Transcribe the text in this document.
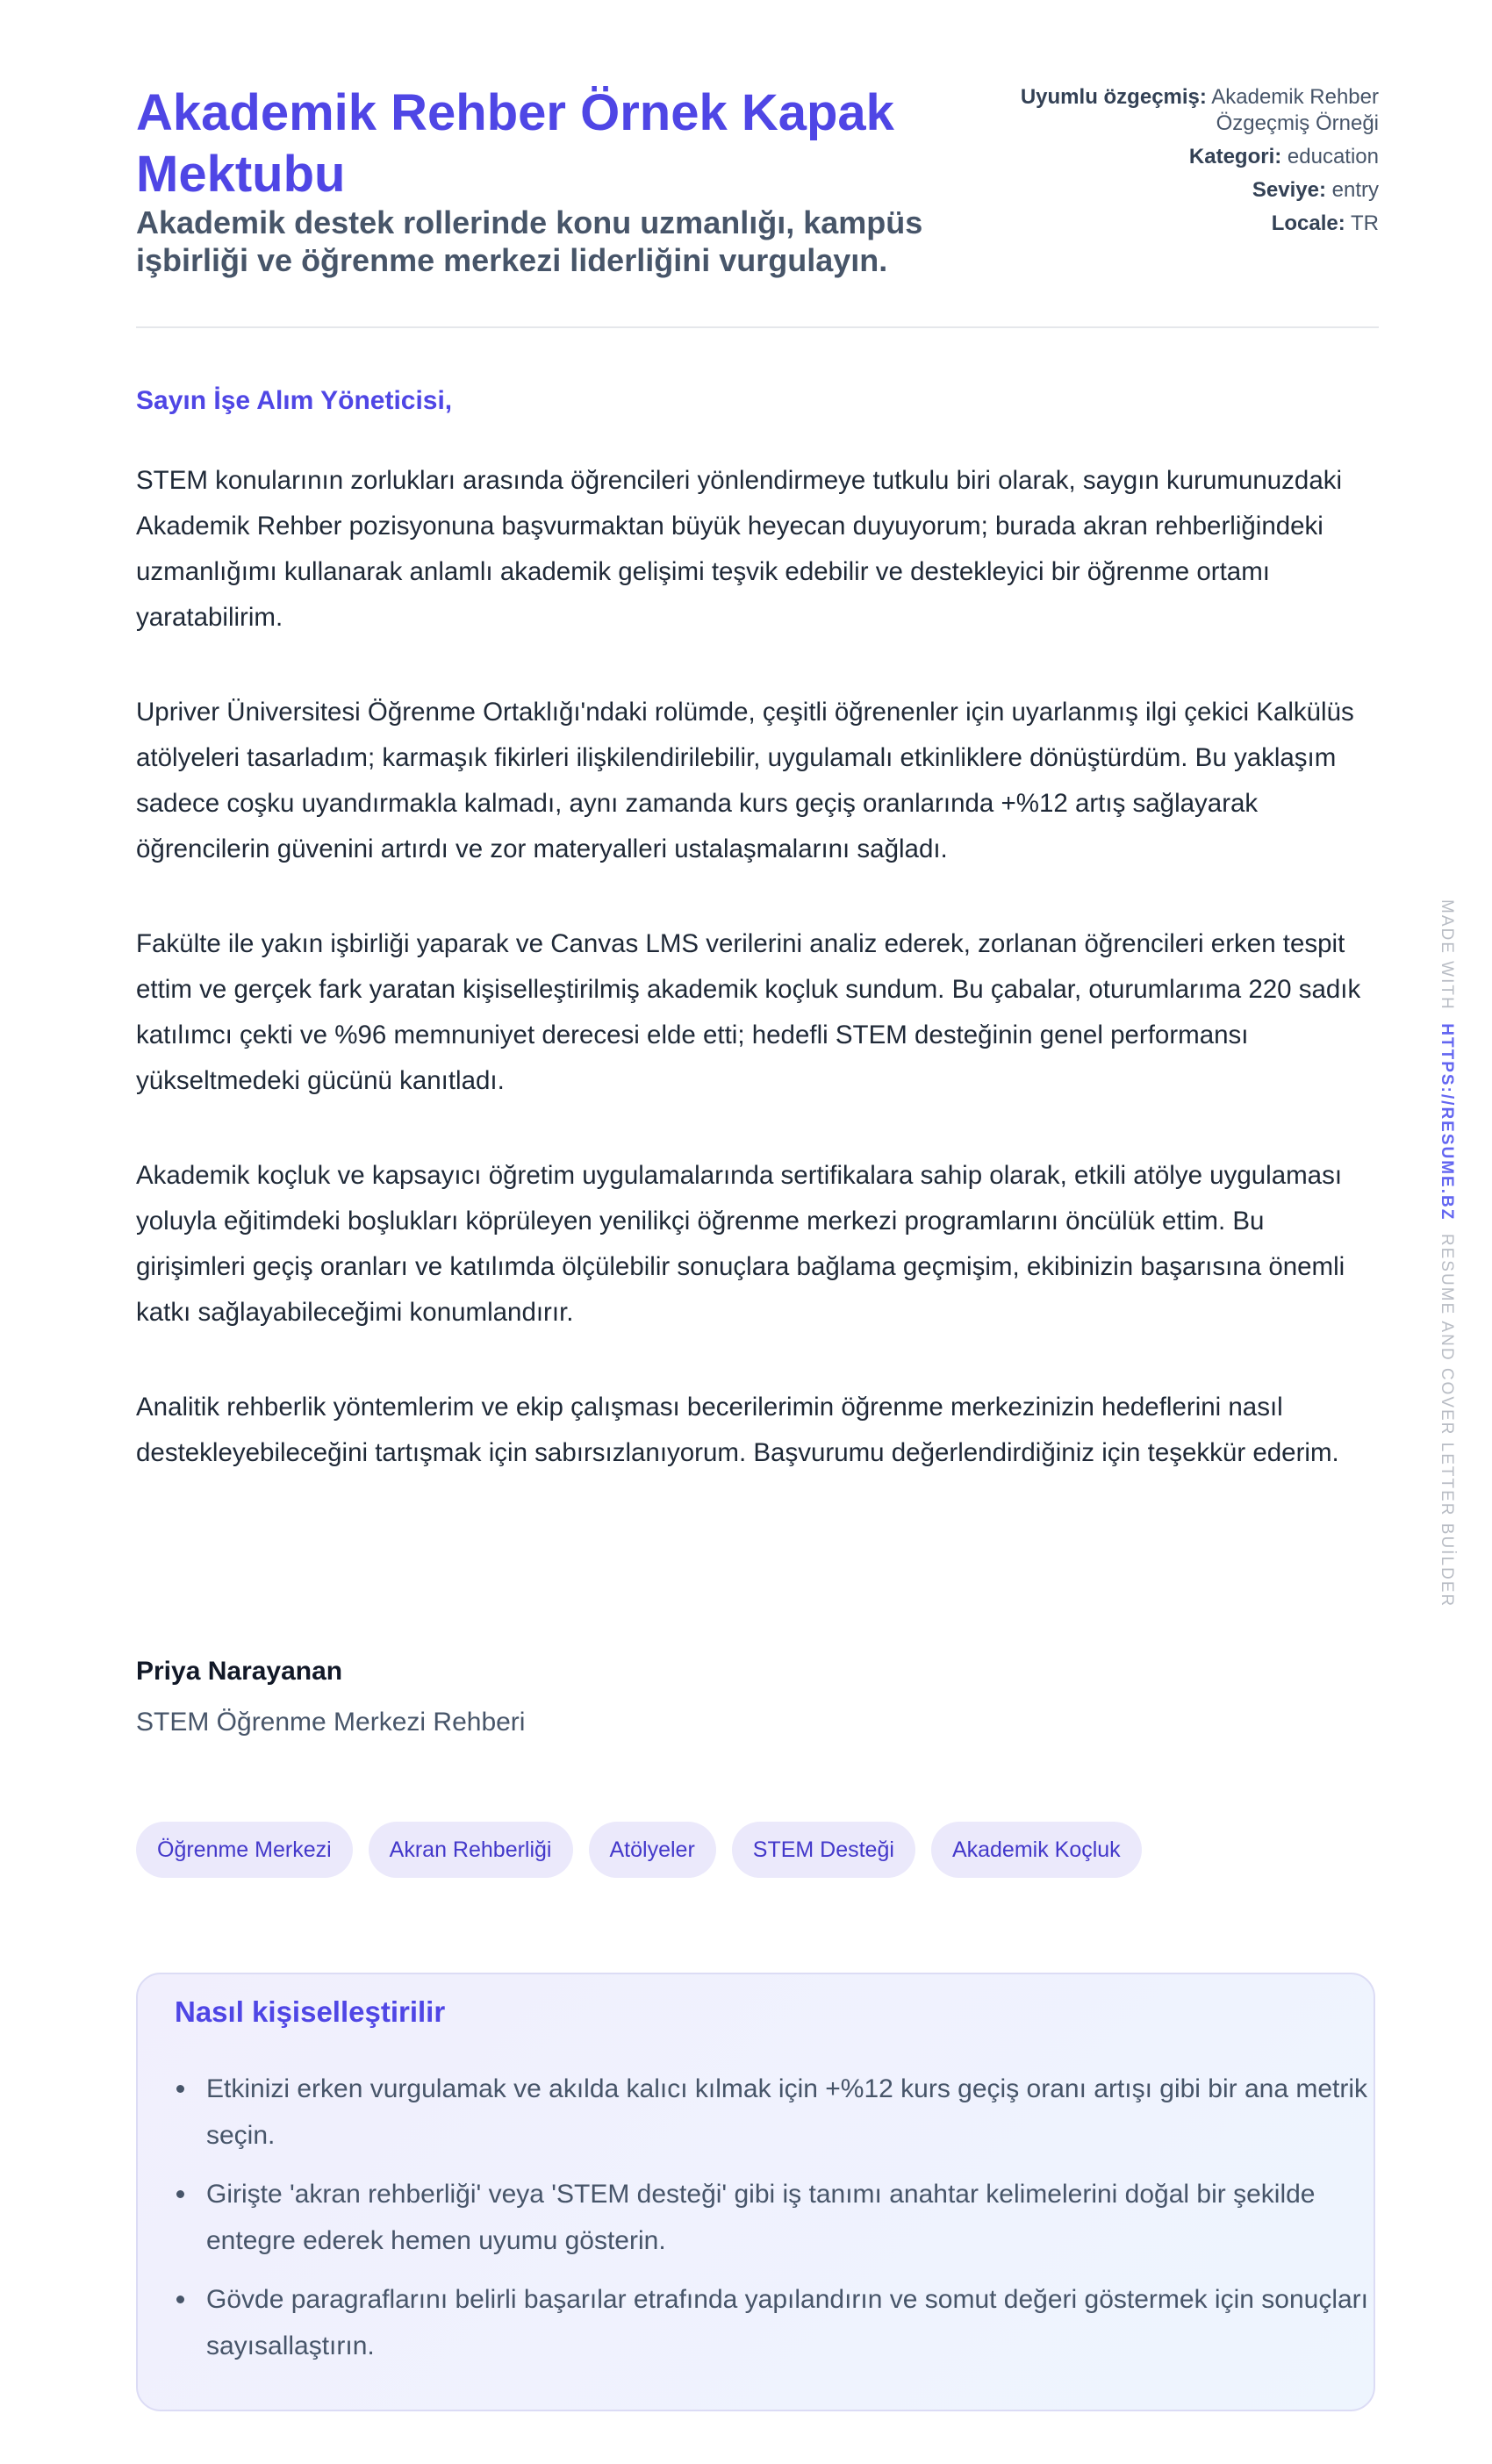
Akademik Rehber Örnek Kapak Mektubu
Akademik destek rollerinde konu uzmanlığı, kampüs işbirliği ve öğrenme merkezi liderliğini vurgulayın.
Uyumlu özgeçmiş: Akademik Rehber Özgeçmiş Örneği
Kategori: education
Seviye: entry
Locale: TR
Sayın İşe Alım Yöneticisi,

STEM konularının zorlukları arasında öğrencileri yönlendirmeye tutkulu biri olarak, saygın kurumunuzdaki Akademik Rehber pozisyonuna başvurmaktan büyük heyecan duyuyorum; burada akran rehberliğindeki uzmanlığımı kullanarak anlamlı akademik gelişimi teşvik edebilir ve destekleyici bir öğrenme ortamı yaratabilirim.

Upriver Üniversitesi Öğrenme Ortaklığı'ndaki rolümde, çeşitli öğrenenler için uyarlanmış ilgi çekici Kalkülüs atölyeleri tasarladım; karmaşık fikirleri ilişkilendirilebilir, uygulamalı etkinliklere dönüştürdüm. Bu yaklaşım sadece coşku uyandırmakla kalmadı, aynı zamanda kurs geçiş oranlarında +%12 artış sağlayarak öğrencilerin güvenini artırdı ve zor materyalleri ustalaşmalarını sağladı.

Fakülte ile yakın işbirliği yaparak ve Canvas LMS verilerini analiz ederek, zorlanan öğrencileri erken tespit ettim ve gerçek fark yaratan kişiselleştirilmiş akademik koçluk sundum. Bu çabalar, oturumlarıma 220 sadık katılımcı çekti ve %96 memnuniyet derecesi elde etti; hedefli STEM desteğinin genel performansı yükseltmedeki gücünü kanıtladı.

Akademik koçluk ve kapsayıcı öğretim uygulamalarında sertifikalara sahip olarak, etkili atölye uygulaması yoluyla eğitimdeki boşlukları köprüleyen yenilikçi öğrenme merkezi programlarını öncülük ettim. Bu girişimleri geçiş oranları ve katılımda ölçülebilir sonuçlara bağlama geçmişim, ekibinizin başarısına önemli katkı sağlayabileceğimi konumlandırır.

Analitik rehberlik yöntemlerim ve ekip çalışması becerilerimin öğrenme merkezinizin hedeflerini nasıl destekleyebileceğini tartışmak için sabırsızlanıyorum. Başvurumu değerlendirdiğiniz için teşekkür ederim.

Priya Narayanan
STEM Öğrenme Merkezi Rehberi
Öğrenme Merkezi	Akran Rehberliği	Atölyeler	STEM Desteği	Akademik Koçluk
Nasıl kişiselleştirilir
Etkinizi erken vurgulamak ve akılda kalıcı kılmak için +%12 kurs geçiş oranı artışı gibi bir ana metrik seçin.
Girişte 'akran rehberliği' veya 'STEM desteği' gibi iş tanımı anahtar kelimelerini doğal bir şekilde entegre ederek hemen uyumu gösterin.
Gövde paragraflarını belirli başarılar etrafında yapılandırın ve somut değeri göstermek için sonuçları sayısallaştırın.
MADE WITH  HTTPS://RESUME.BZ  RESUME AND COVER LETTER BUİLDER
